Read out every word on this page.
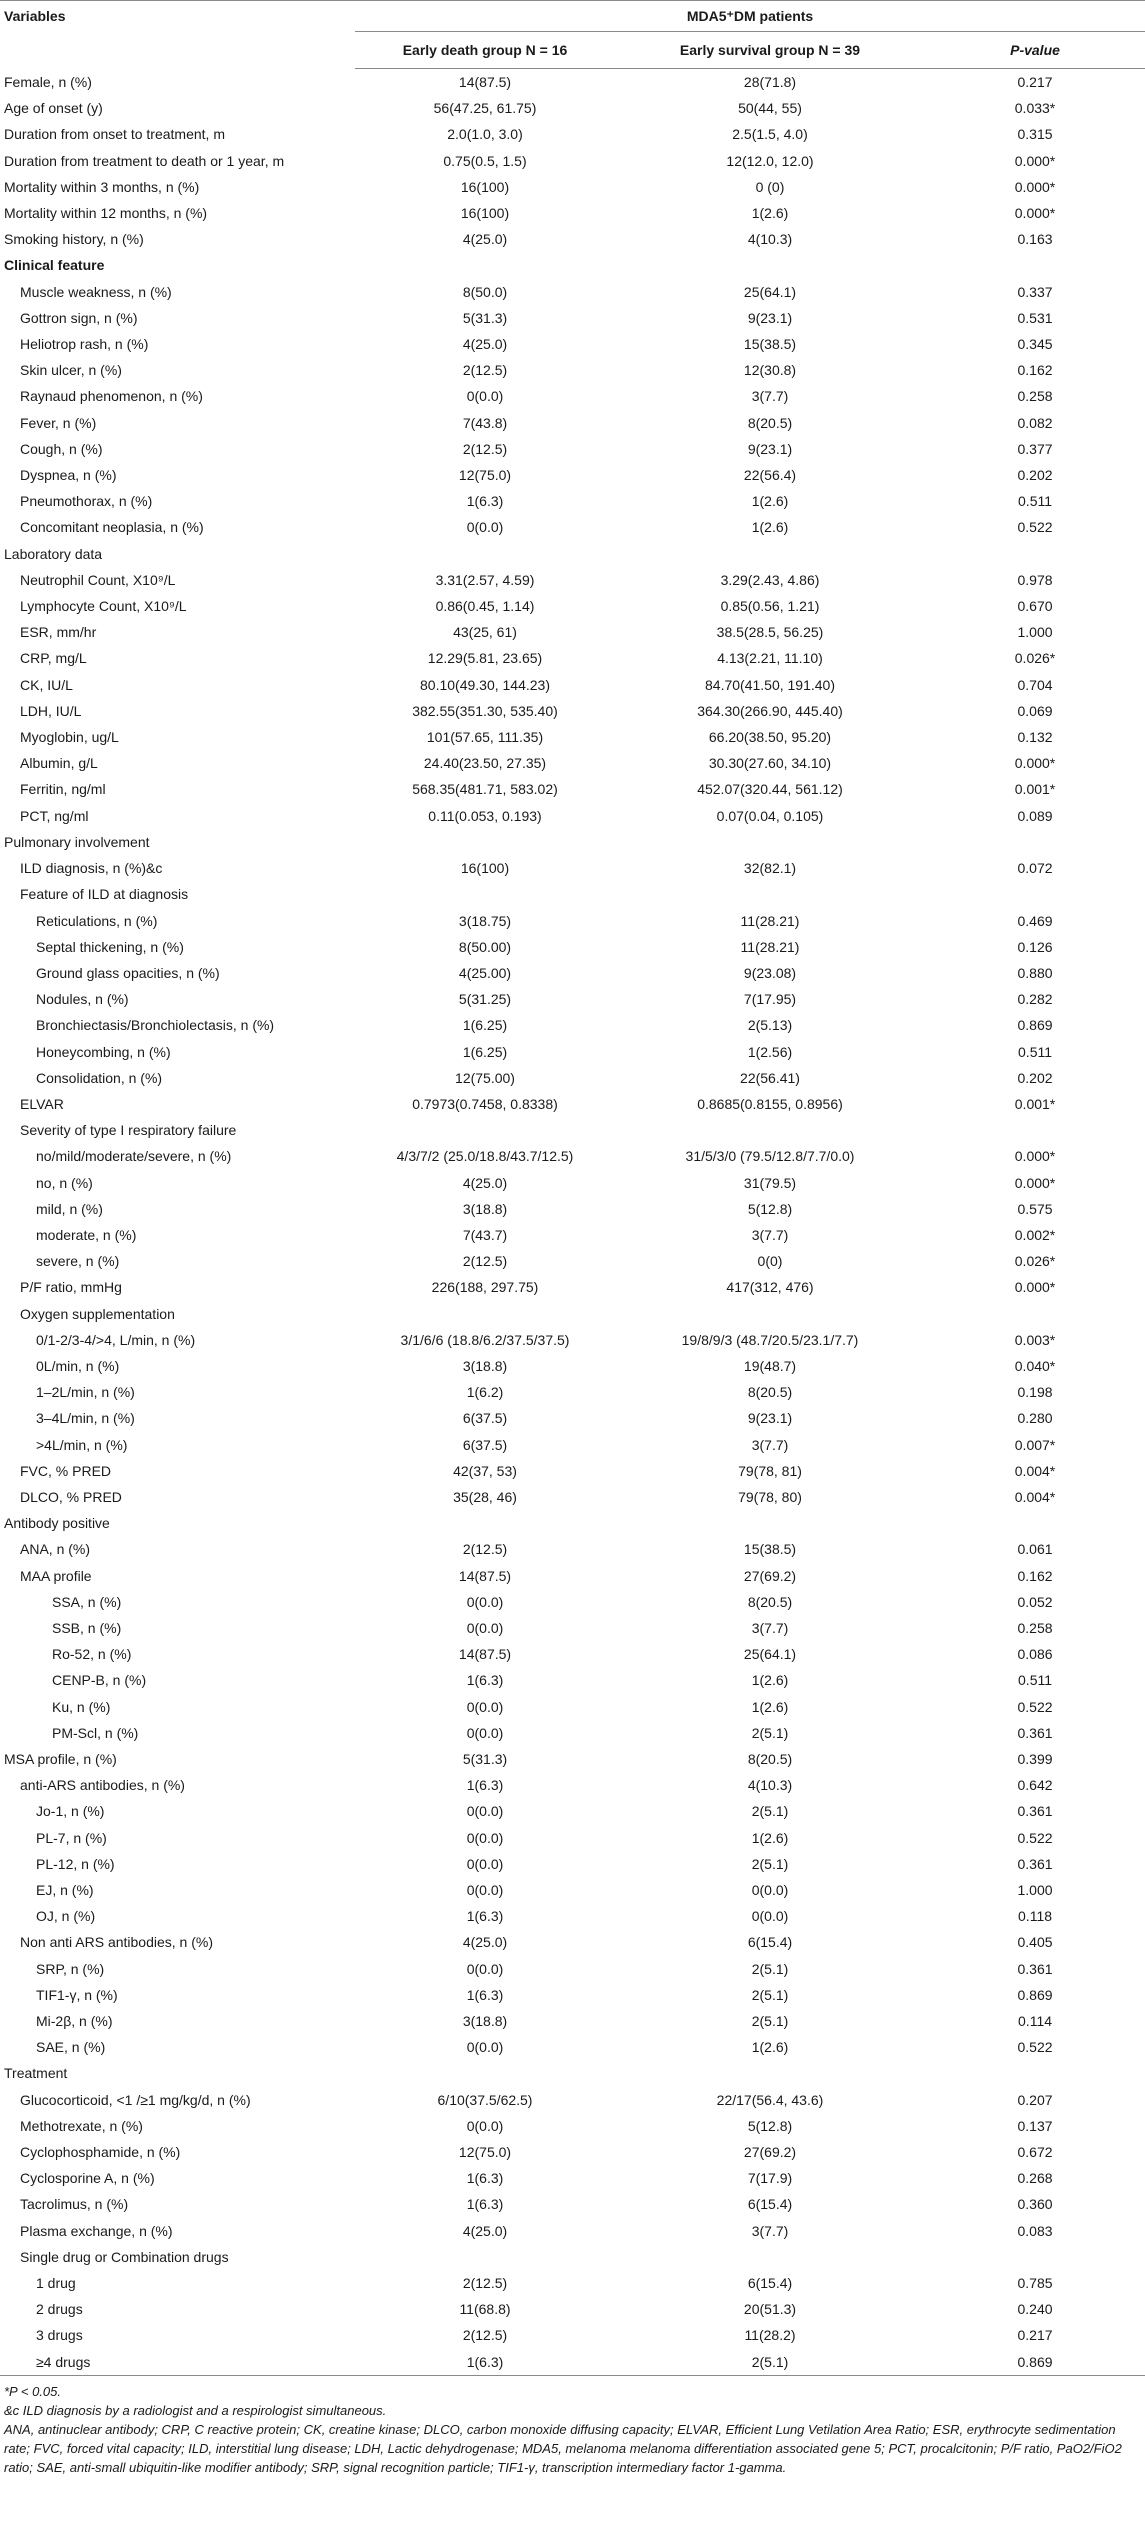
Variables	MDA5⁺DM patients		
	Early death group N = 16	Early survival group N = 39	P-value
Female, n (%)	14(87.5)	28(71.8)	0.217
Age of onset (y)	56(47.25, 61.75)	50(44, 55)	0.033*
Duration from onset to treatment, m	2.0(1.0, 3.0)	2.5(1.5, 4.0)	0.315
Duration from treatment to death or 1 year, m	0.75(0.5, 1.5)	12(12.0, 12.0)	0.000*
Mortality within 3 months, n (%)	16(100)	0 (0)	0.000*
Mortality within 12 months, n (%)	16(100)	1(2.6)	0.000*
Smoking history, n (%)	4(25.0)	4(10.3)	0.163
Clinical feature			
Muscle weakness, n (%)	8(50.0)	25(64.1)	0.337
Gottron sign, n (%)	5(31.3)	9(23.1)	0.531
Heliotrop rash, n (%)	4(25.0)	15(38.5)	0.345
Skin ulcer, n (%)	2(12.5)	12(30.8)	0.162
Raynaud phenomenon, n (%)	0(0.0)	3(7.7)	0.258
Fever, n (%)	7(43.8)	8(20.5)	0.082
Cough, n (%)	2(12.5)	9(23.1)	0.377
Dyspnea, n (%)	12(75.0)	22(56.4)	0.202
Pneumothorax, n (%)	1(6.3)	1(2.6)	0.511
Concomitant neoplasia, n (%)	0(0.0)	1(2.6)	0.522
Laboratory data			
Neutrophil Count, X10⁹/L	3.31(2.57, 4.59)	3.29(2.43, 4.86)	0.978
Lymphocyte Count, X10⁹/L	0.86(0.45, 1.14)	0.85(0.56, 1.21)	0.670
ESR, mm/hr	43(25, 61)	38.5(28.5, 56.25)	1.000
CRP, mg/L	12.29(5.81, 23.65)	4.13(2.21, 11.10)	0.026*
CK, IU/L	80.10(49.30, 144.23)	84.70(41.50, 191.40)	0.704
LDH, IU/L	382.55(351.30, 535.40)	364.30(266.90, 445.40)	0.069
Myoglobin, ug/L	101(57.65, 111.35)	66.20(38.50, 95.20)	0.132
Albumin, g/L	24.40(23.50, 27.35)	30.30(27.60, 34.10)	0.000*
Ferritin, ng/ml	568.35(481.71, 583.02)	452.07(320.44, 561.12)	0.001*
PCT, ng/ml	0.11(0.053, 0.193)	0.07(0.04, 0.105)	0.089
Pulmonary involvement			
ILD diagnosis, n (%)&c	16(100)	32(82.1)	0.072
Feature of ILD at diagnosis			
Reticulations, n (%)	3(18.75)	11(28.21)	0.469
Septal thickening, n (%)	8(50.00)	11(28.21)	0.126
Ground glass opacities, n (%)	4(25.00)	9(23.08)	0.880
Nodules, n (%)	5(31.25)	7(17.95)	0.282
Bronchiectasis/Bronchiolectasis, n (%)	1(6.25)	2(5.13)	0.869
Honeycombing, n (%)	1(6.25)	1(2.56)	0.511
Consolidation, n (%)	12(75.00)	22(56.41)	0.202
ELVAR	0.7973(0.7458, 0.8338)	0.8685(0.8155, 0.8956)	0.001*
Severity of type I respiratory failure			
no/mild/moderate/severe, n (%)	4/3/7/2 (25.0/18.8/43.7/12.5)	31/5/3/0 (79.5/12.8/7.7/0.0)	0.000*
no, n (%)	4(25.0)	31(79.5)	0.000*
mild, n (%)	3(18.8)	5(12.8)	0.575
moderate, n (%)	7(43.7)	3(7.7)	0.002*
severe, n (%)	2(12.5)	0(0)	0.026*
P/F ratio, mmHg	226(188, 297.75)	417(312, 476)	0.000*
Oxygen supplementation			
0/1-2/3-4/>4, L/min, n (%)	3/1/6/6 (18.8/6.2/37.5/37.5)	19/8/9/3 (48.7/20.5/23.1/7.7)	0.003*
0L/min, n (%)	3(18.8)	19(48.7)	0.040*
1–2L/min, n (%)	1(6.2)	8(20.5)	0.198
3–4L/min, n (%)	6(37.5)	9(23.1)	0.280
>4L/min, n (%)	6(37.5)	3(7.7)	0.007*
FVC, % PRED	42(37, 53)	79(78, 81)	0.004*
DLCO, % PRED	35(28, 46)	79(78, 80)	0.004*
Antibody positive			
ANA, n (%)	2(12.5)	15(38.5)	0.061
MAA profile	14(87.5)	27(69.2)	0.162
SSA, n (%)	0(0.0)	8(20.5)	0.052
SSB, n (%)	0(0.0)	3(7.7)	0.258
Ro-52, n (%)	14(87.5)	25(64.1)	0.086
CENP-B, n (%)	1(6.3)	1(2.6)	0.511
Ku, n (%)	0(0.0)	1(2.6)	0.522
PM-Scl, n (%)	0(0.0)	2(5.1)	0.361
MSA profile, n (%)	5(31.3)	8(20.5)	0.399
anti-ARS antibodies, n (%)	1(6.3)	4(10.3)	0.642
Jo-1, n (%)	0(0.0)	2(5.1)	0.361
PL-7, n (%)	0(0.0)	1(2.6)	0.522
PL-12, n (%)	0(0.0)	2(5.1)	0.361
EJ, n (%)	0(0.0)	0(0.0)	1.000
OJ, n (%)	1(6.3)	0(0.0)	0.118
Non anti ARS antibodies, n (%)	4(25.0)	6(15.4)	0.405
SRP, n (%)	0(0.0)	2(5.1)	0.361
TIF1-γ, n (%)	1(6.3)	2(5.1)	0.869
Mi-2β, n (%)	3(18.8)	2(5.1)	0.114
SAE, n (%)	0(0.0)	1(2.6)	0.522
Treatment			
Glucocorticoid, <1 /≥1 mg/kg/d, n (%)	6/10(37.5/62.5)	22/17(56.4, 43.6)	0.207
Methotrexate, n (%)	0(0.0)	5(12.8)	0.137
Cyclophosphamide, n (%)	12(75.0)	27(69.2)	0.672
Cyclosporine A, n (%)	1(6.3)	7(17.9)	0.268
Tacrolimus, n (%)	1(6.3)	6(15.4)	0.360
Plasma exchange, n (%)	4(25.0)	3(7.7)	0.083
Single drug or Combination drugs			
1 drug	2(12.5)	6(15.4)	0.785
2 drugs	11(68.8)	20(51.3)	0.240
3 drugs	2(12.5)	11(28.2)	0.217
≥4 drugs	1(6.3)	2(5.1)	0.869

*P < 0.05.

&c ILD diagnosis by a radiologist and a respirologist simultaneous.

ANA, antinuclear antibody; CRP, C reactive protein; CK, creatine kinase; DLCO, carbon monoxide diffusing capacity; ELVAR, Efficient Lung Vetilation Area Ratio; ESR, erythrocyte sedimentation rate; FVC, forced vital capacity; ILD, interstitial lung disease; LDH, Lactic dehydrogenase; MDA5, melanoma melanoma differentiation associated gene 5; PCT, procalcitonin; P/F ratio, PaO2/FiO2 ratio; SAE, anti-small ubiquitin-like modifier antibody; SRP, signal recognition particle; TIF1-γ, transcription intermediary factor 1-gamma.
